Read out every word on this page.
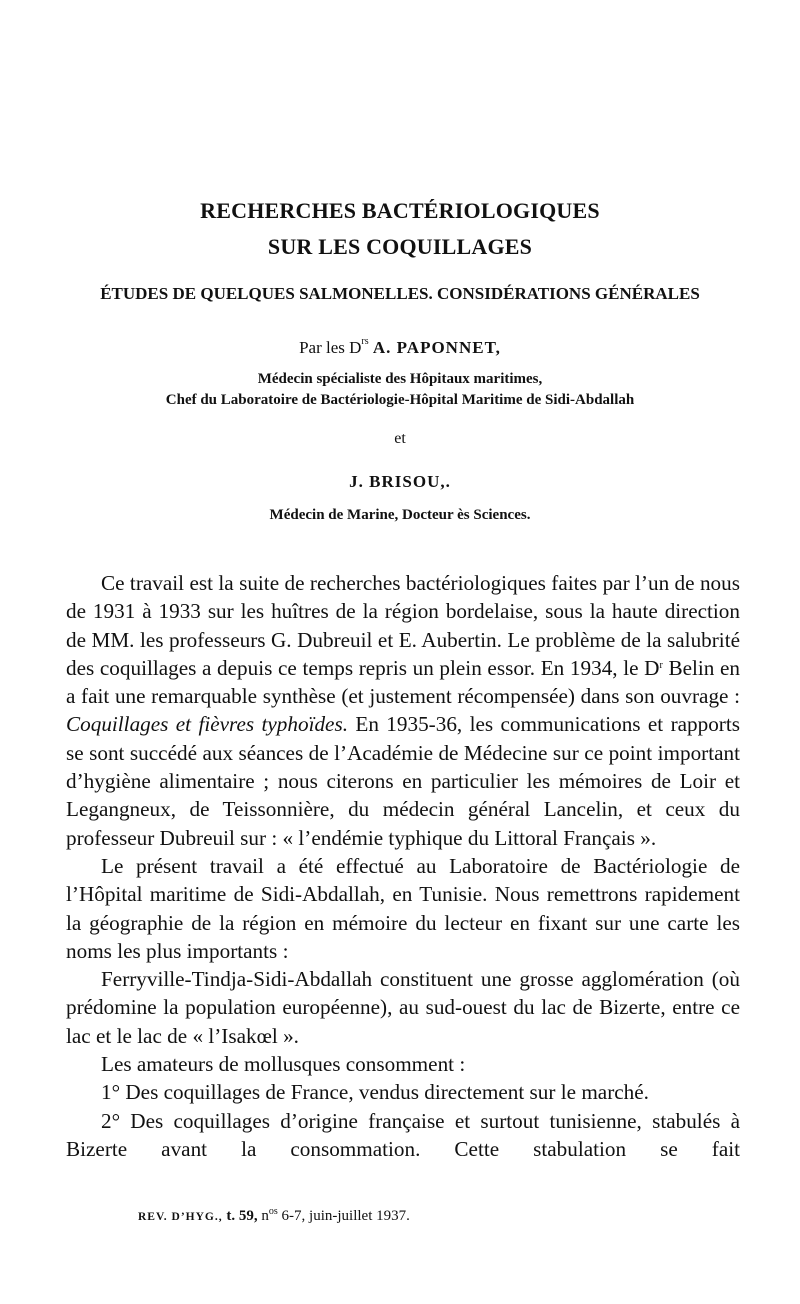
RECHERCHES BACTÉRIOLOGIQUES
SUR LES COQUILLAGES
ÉTUDES DE QUELQUES SALMONELLES. CONSIDÉRATIONS GÉNÉRALES
Par les $D^{rs}$ A. PAPONNET,
Médecin spécialiste des Hôpitaux maritimes,
Chef du Laboratoire de Bactériologie-Hôpital Maritime de Sidi-Abdallah
et
J. BRISOU,.
Médecin de Marine, Docteur ès Sciences.

Ce travail est la suite de recherches bactériologiques faites par l’un de nous de 1931 à 1933 sur les huîtres de la région bordelaise, sous la haute direction de MM. les professeurs G. Dubreuil et E. Aubertin. Le problème de la salubrité des coquillages a depuis ce temps repris un plein essor. En 1934, le $D^r$ Belin en a fait une remarquable synthèse (et justement récompensée) dans son ouvrage : Coquillages et fièvres typhoïdes. En 1935-36, les communications et rapports se sont succédé aux séances de l’Académie de Médecine sur ce point important d’hygiène alimentaire ; nous citerons en particulier les mémoires de Loir et Legangneux, de Teissonnière, du médecin général Lancelin, et ceux du professeur Dubreuil sur : « l’endémie typhique du Littoral Français ».

Le présent travail a été effectué au Laboratoire de Bactériologie de l’Hôpital maritime de Sidi-Abdallah, en Tunisie. Nous remettrons rapidement la géographie de la région en mémoire du lecteur en fixant sur une carte les noms les plus importants :

Ferryville-Tindja-Sidi-Abdallah constituent une grosse agglomération (où prédomine la population européenne), au sud-ouest du lac de Bizerte, entre ce lac et le lac de « l’Isakœl ».

Les amateurs de mollusques consomment :

1° Des coquillages de France, vendus directement sur le marché.

2° Des coquillages d’origine française et surtout tunisienne, stabulés à Bizerte avant la consommation. Cette stabulation se fait

REV. D’HYG., t. 59, $n^{os}$ 6-7, juin-juillet 1937.
